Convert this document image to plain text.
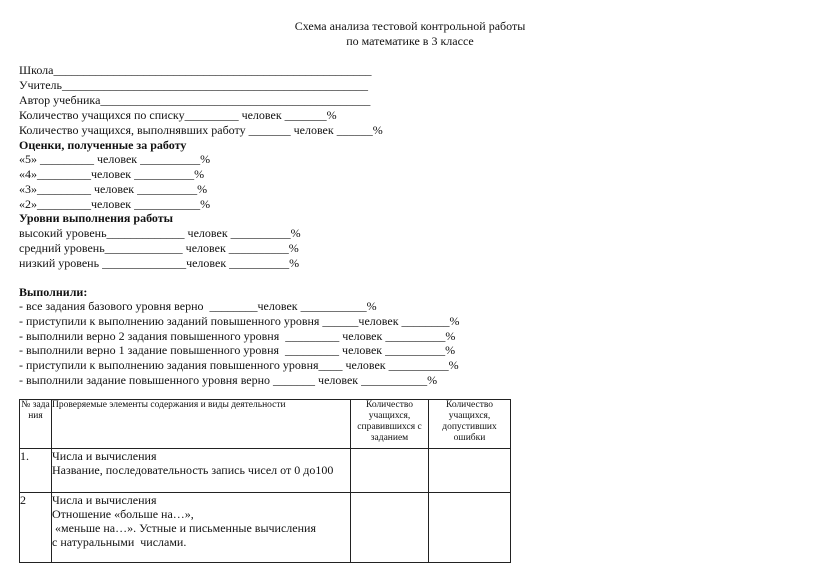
Схема анализа тестовой контрольной работы
по математике в 3 классе
Школа_____________________________________________________
Учитель___________________________________________________
Автор учебника_____________________________________________
Количество учащихся по списку_________ человек _______%
Количество учащихся, выполнявших работу _______ человек ______%
Оценки, полученные за работу
«5» _________ человек __________%
«4»_________человек __________%
«3»_________ человек __________%
«2»_________человек ___________%
Уровни выполнения работы
высокий уровень_____________ человек __________%
средний уровень_____________ человек __________%
низкий уровень ______________человек __________%
Выполнили:
- все задания базового уровня верно  ________человек ___________%
- приступили к выполнению заданий повышенного уровня ______человек ________%
- выполнили верно 2 задания повышенного уровня  _________ человек __________%
- выполнили верно 1 задание повышенного уровня  _________ человек __________%
- приступили к выполнению задания повышенного уровня____ человек __________%
- выполнили задание повышенного уровня верно _______ человек ___________%
№ зада ния	Проверяемые элементы содержания и виды деятельности	Количество учащихся, справившихся с заданием	Количество учащихся, допустивших ошибки
1.	Числа и вычисления
Название, последовательность запись чисел от 0 до100		

2	Числа и вычисления
Отношение «больше на…»,
«меньше на…». Устные и письменные вычисления
с натуральными  числами.		
